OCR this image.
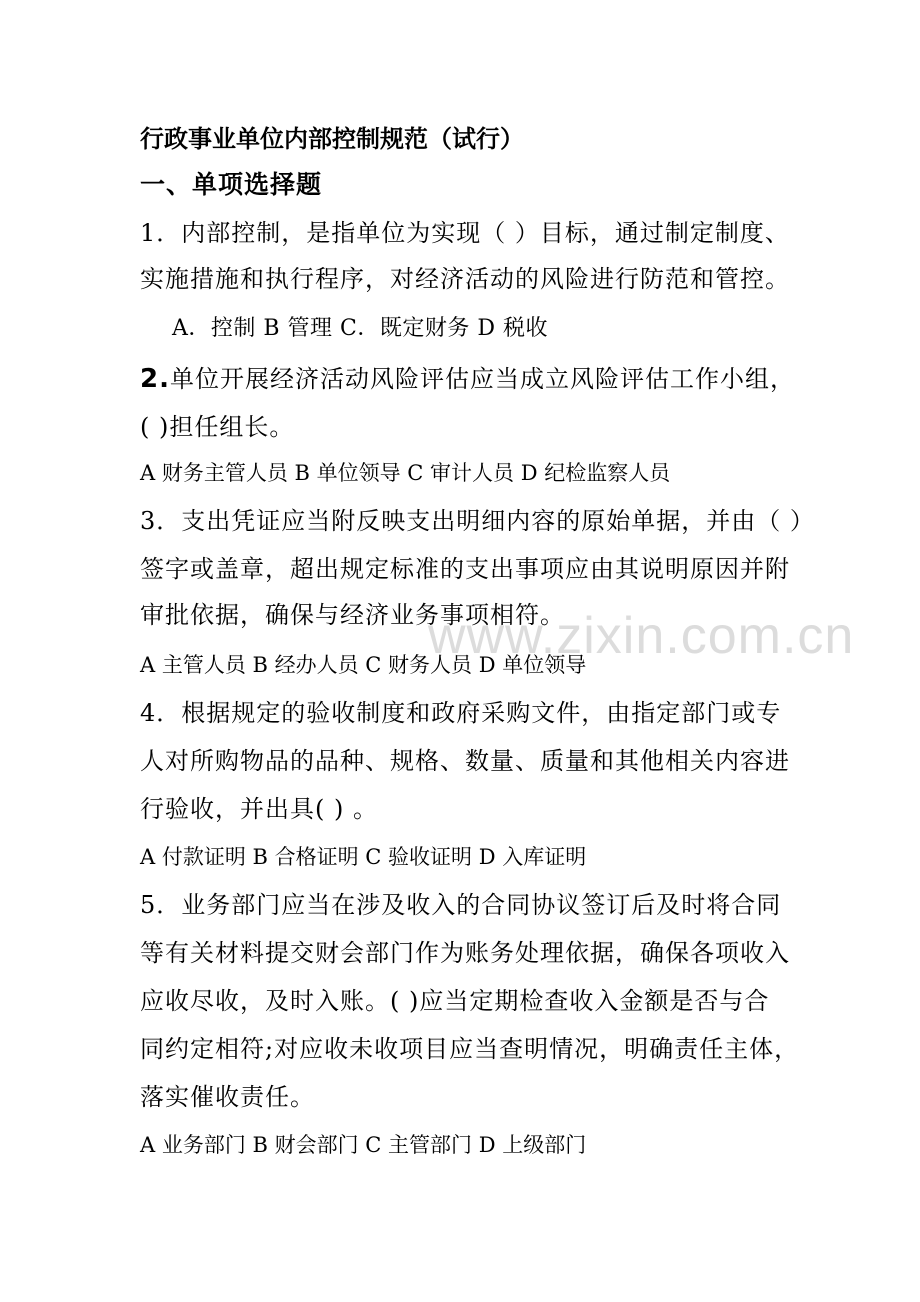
www.zixin.com.cn
行政事业单位内部控制规范（试行）
一、单项选择题
1．内部控制，是指单位为实现（ ）目标，通过制定制度、
实施措施和执行程序，对经济活动的风险进行防范和管控。
A．控制 B 管理 C．既定财务 D 税收
2.单位开展经济活动风险评估应当成立风险评估工作小组，
( )担任组长。
A 财务主管人员 B 单位领导 C 审计人员 D 纪检监察人员
3．支出凭证应当附反映支出明细内容的原始单据，并由（ ）
签字或盖章，超出规定标准的支出事项应由其说明原因并附
审批依据，确保与经济业务事项相符。
A 主管人员 B 经办人员 C 财务人员 D 单位领导
4．根据规定的验收制度和政府采购文件，由指定部门或专
人对所购物品的品种、规格、数量、质量和其他相关内容进
行验收，并出具( ) 。
A 付款证明 B 合格证明 C 验收证明 D 入库证明
5．业务部门应当在涉及收入的合同协议签订后及时将合同
等有关材料提交财会部门作为账务处理依据，确保各项收入
应收尽收，及时入账。( )应当定期检查收入金额是否与合
同约定相符;对应收未收项目应当查明情况，明确责任主体，
落实催收责任。
A 业务部门 B 财会部门 C 主管部门 D 上级部门
